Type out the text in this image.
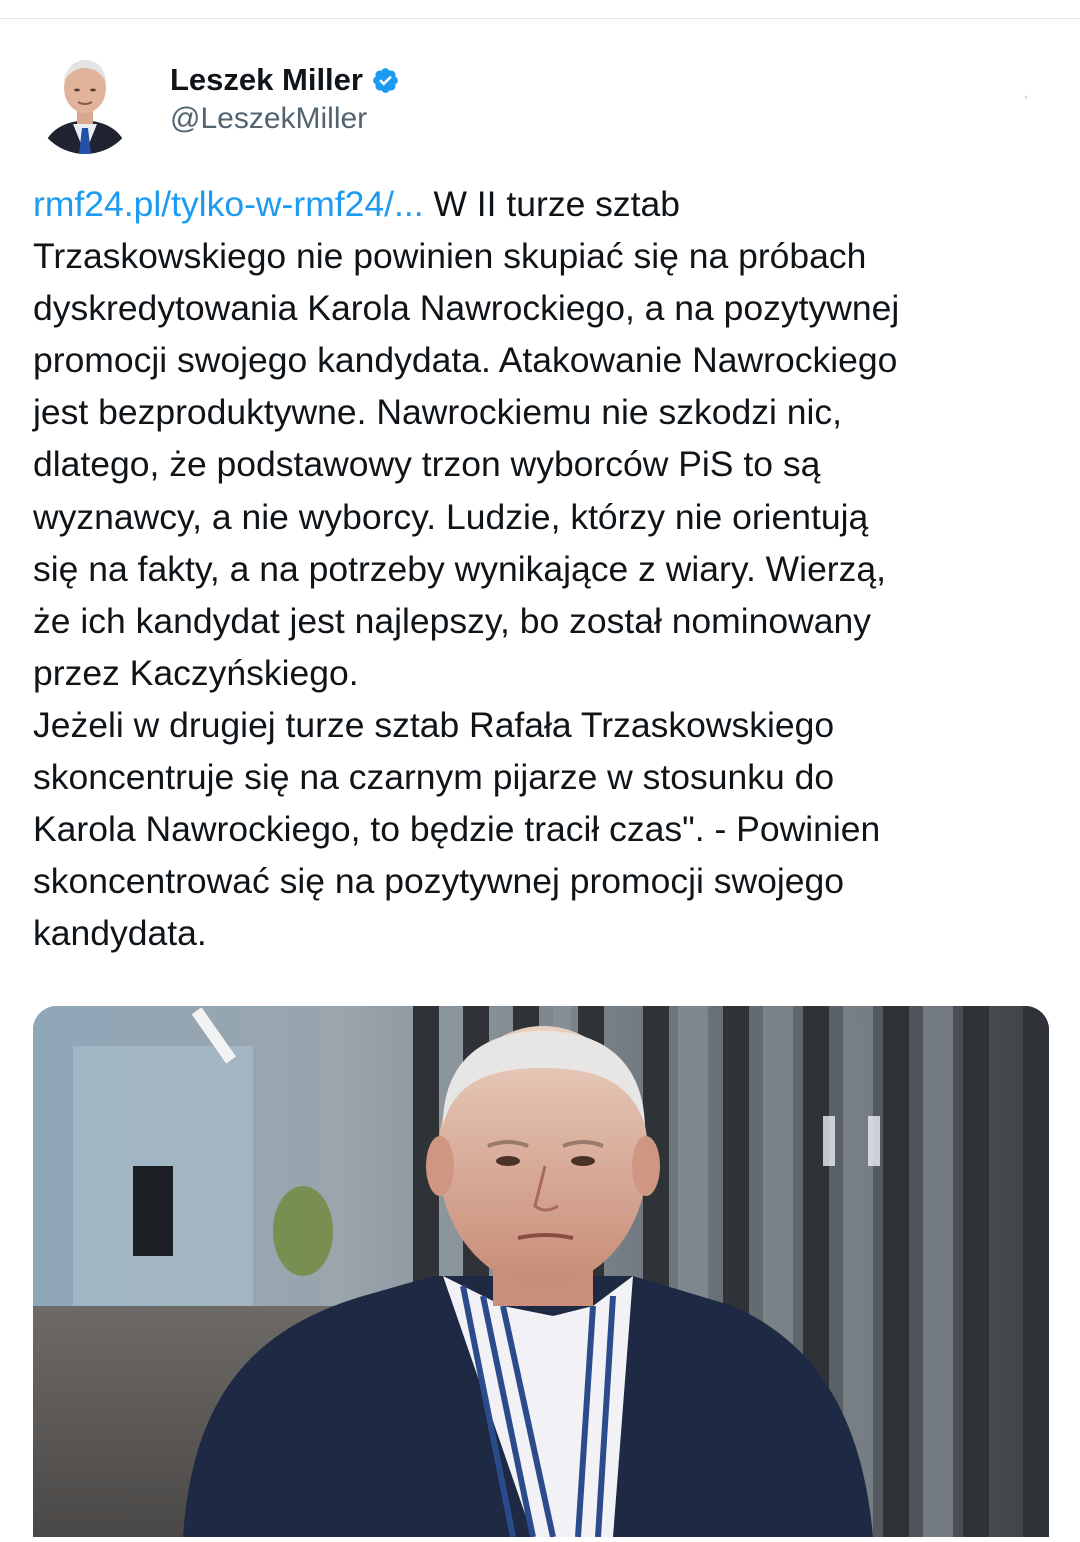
Leszek Miller
@LeszekMiller
rmf24.pl/tylko-w-rmf24/... W II turze sztab
Trzaskowskiego nie powinien skupiać się na próbach
dyskredytowania Karola Nawrockiego, a na pozytywnej
promocji swojego kandydata. Atakowanie Nawrockiego
jest bezproduktywne. Nawrockiemu nie szkodzi nic,
dlatego, że podstawowy trzon wyborców PiS to są
wyznawcy, a nie wyborcy. Ludzie, którzy nie orientują
się na fakty, a na potrzeby wynikające z wiary. Wierzą,
że ich kandydat jest najlepszy, bo został nominowany
przez Kaczyńskiego.
Jeżeli w drugiej turze sztab Rafała Trzaskowskiego
skoncentruje się na czarnym pijarze w stosunku do
Karola Nawrockiego, to będzie tracił czas". - Powinien
skoncentrować się na pozytywnej promocji swojego
kandydata.
